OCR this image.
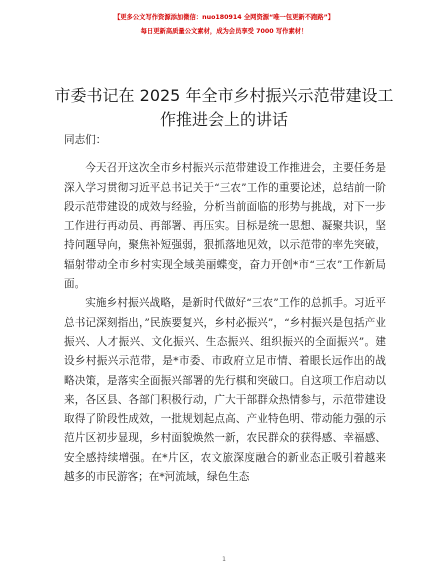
【更多公文写作资源添加微信：nuo180914 全网资源“唯一包更新不跑路”】
每日更新高质量公文素材，成为会员享受 7000 写作素材！
市委书记在 2025 年全市乡村振兴示范带建设工作推进会上的讲话

同志们：

今天召开这次全市乡村振兴示范带建设工作推进会，主要任务是深入学习贯彻习近平总书记关于“三农”工作的重要论述，总结前一阶段示范带建设的成效与经验，分析当前面临的形势与挑战，对下一步工作进行再动员、再部署、再压实。目标是统一思想、凝聚共识，坚持问题导向，聚焦补短强弱，狠抓落地见效，以示范带的率先突破，辐射带动全市乡村实现全域美丽蝶变，奋力开创*市“三农”工作新局面。

实施乡村振兴战略，是新时代做好“三农”工作的总抓手。习近平总书记深刻指出，”民族要复兴，乡村必振兴”，“乡村振兴是包括产业振兴、人才振兴、文化振兴、生态振兴、组织振兴的全面振兴”。建设乡村振兴示范带，是*市委、市政府立足市情、着眼长远作出的战略决策，是落实全面振兴部署的先行棋和突破口。自这项工作启动以来，各区县、各部门积极行动，广大干部群众热情参与，示范带建设取得了阶段性成效，一批规划起点高、产业特色明、带动能力强的示范片区初步显现，乡村面貌焕然一新，农民群众的获得感、幸福感、安全感持续增强。在*片区，农文旅深度融合的新业态正吸引着越来越多的市民游客；在*河流域，绿色生态

1
